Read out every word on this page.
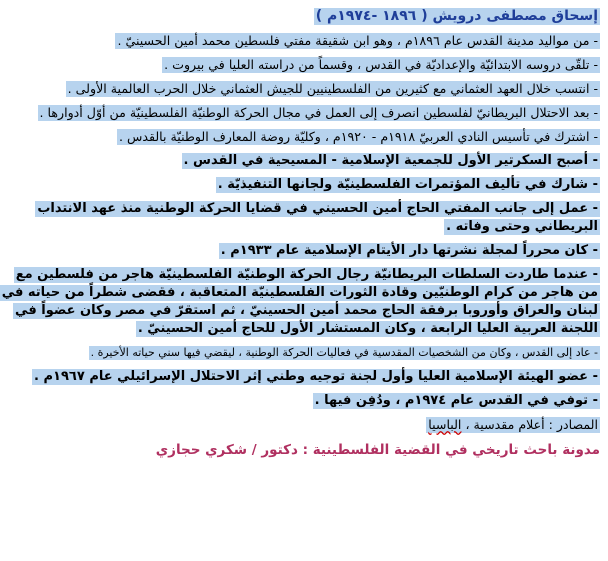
إسحاق مصطفى درويش ( ١٨٩٦ -١٩٧٤م )
- من مواليد مدينة القدس عام ١٨٩٦م ، وهو ابن شقيقة مفتي فلسطين محمد أمين الحسينيّ .
- تلقّى دروسه الابتدائيّة والإعداديّة في القدس ، وقسماً من دراسته العليا في بيروت .
- انتسب خلال العهد العثماني مع كثيرين من الفلسطينيين للجيش العثماني خلال الحرب العالمية الأولى .
- بعد الاحتلال البريطانيّ لفلسطين انصرف إلى العمل في مجال الحركة الوطنيّة الفلسطينيّة من أوّل أدوارها .
- اشترك في تأسيس النادي العربيّ ١٩١٨م - ١٩٢٠م ، وكليّة روضة المعارف الوطنيّة بالقدس .
- أصبح السكرتير الأول للجمعية الإسلامية - المسيحية في القدس .
- شارك في تأليف المؤتمرات الفلسطينيّة ولجانها التنفيذيّة .
- عمل إلى جانب المفتي الحاج أمين الحسيني في قضايا الحركة الوطنية منذ عهد الانتداب
البريطاني وحتى وفاته .
- كان محرراً لمجلة نشرتها دار الأيتام الإسلامية عام ١٩٣٣م .
- عندما طاردت السلطات البريطانيّة رجال الحركة الوطنيّة الفلسطينيّة هاجر من فلسطين مع
من هاجر من كرام الوطنيّين وقادة الثورات الفلسطينيّة المتعاقبة ، فقضى شطراً من حياته في
لبنان والعراق وأوروبا برفقة الحاج محمد أمين الحسينيّ ، ثم استقرّ في مصر وكان عضواً في
اللجنة العربية العليا الرابعة ، وكان المستشار الأول للحاج أمين الحسينيّ .
- عاد إلى القدس ، وكان من الشخصيات المقدسية في فعاليات الحركة الوطنية ، ليقضي فيها سني حياته الأخيرة .
- عضو الهيئة الإسلامية العليا وأول لجنة توجيه وطني إثر الاحتلال الإسرائيلي عام ١٩٦٧م .
- توفي في القدس عام ١٩٧٤م ، ودُفِن فيها .
المصادر : أعلام مقدسية ، الباسيا
مدونة باحث تاريخي في القضية الفلسطينية : دكتور / شكري حجازي
